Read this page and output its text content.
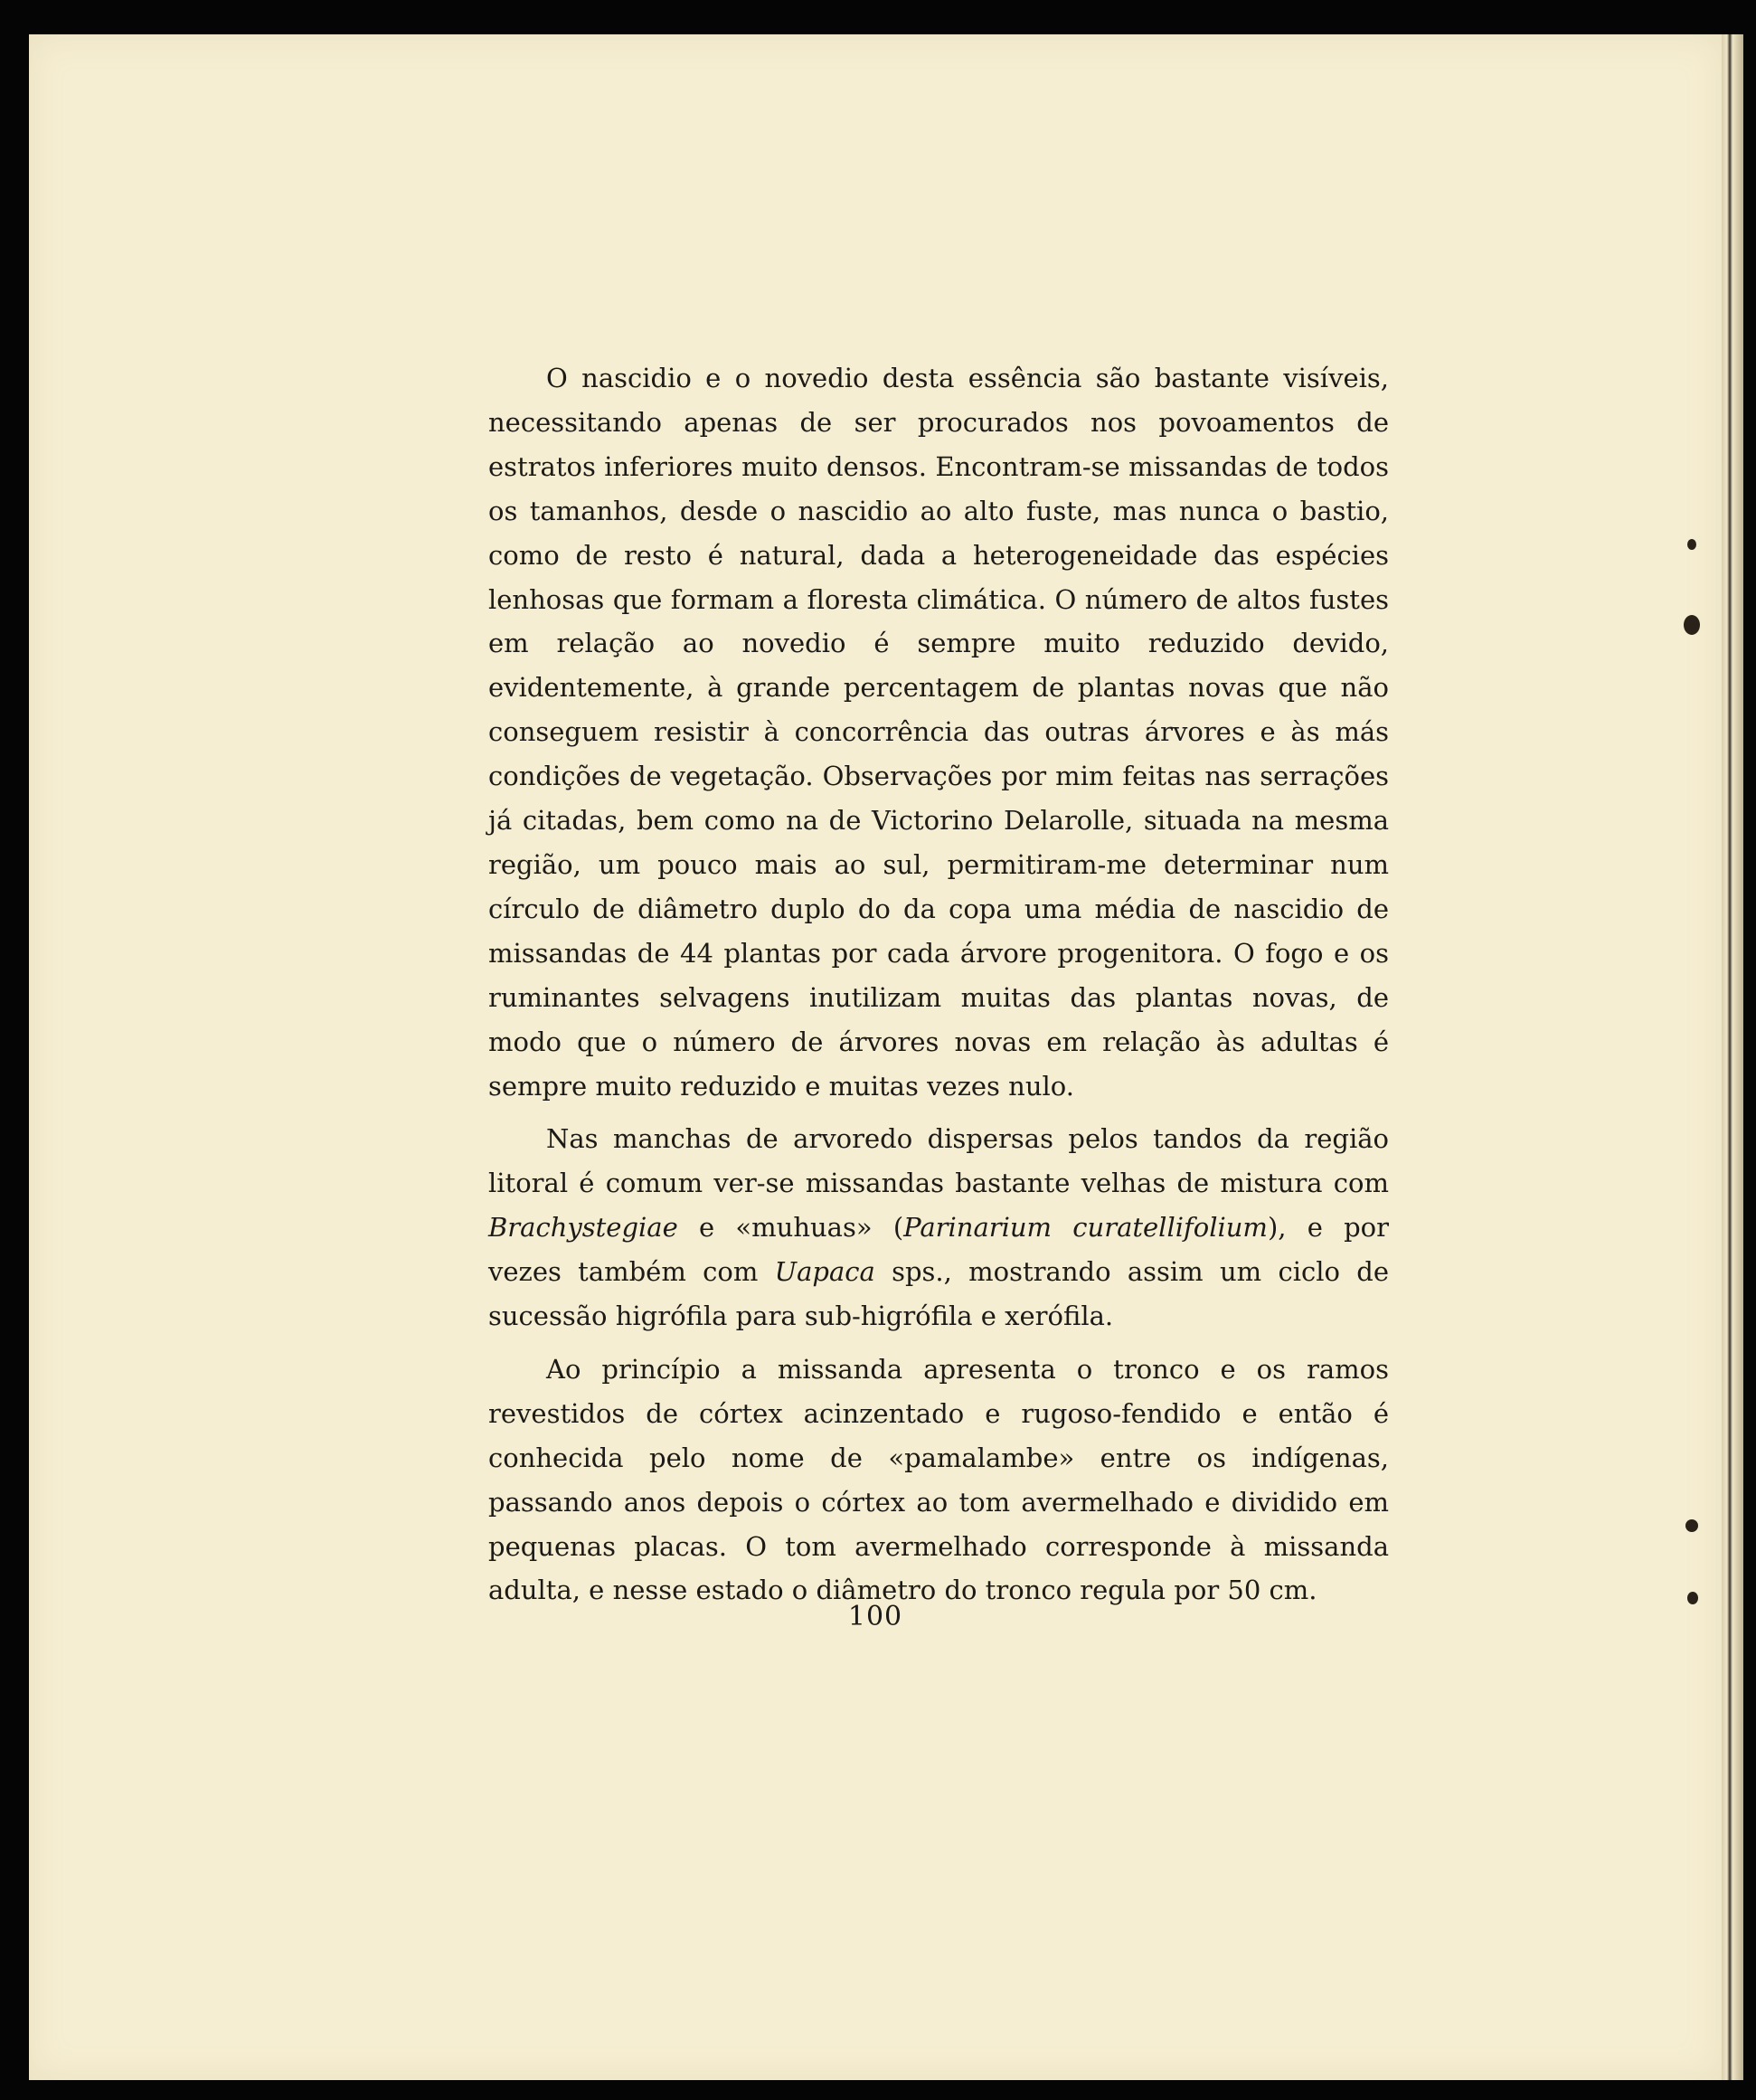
O nascidio e o novedio desta essência são bastante visíveis, necessitando apenas de ser procurados nos povoamentos de estratos inferiores muito densos. Encontram-se missandas de todos os tamanhos, desde o nascidio ao alto fuste, mas nunca o bastio, como de resto é natural, dada a heterogeneidade das espécies lenhosas que formam a floresta climática. O número de altos fustes em relação ao novedio é sempre muito reduzido devido, evidentemente, à grande percentagem de plantas novas que não conseguem resistir à concorrência das outras árvores e às más condições de vegetação. Observações por mim feitas nas serrações já citadas, bem como na de Victorino Delarolle, situada na mesma região, um pouco mais ao sul, permitiram-me determinar num círculo de diâmetro duplo do da copa uma média de nascidio de missandas de 44 plantas por cada árvore progenitora. O fogo e os ruminantes selvagens inutilizam muitas das plantas novas, de modo que o número de árvores novas em relação às adultas é sempre muito reduzido e muitas vezes nulo.

Nas manchas de arvoredo dispersas pelos tandos da região litoral é comum ver-se missandas bastante velhas de mistura com Brachystegiae e «muhuas» (Parinarium curatellifolium), e por vezes também com Uapaca sps., mostrando assim um ciclo de sucessão higrófila para sub-higrófila e xerófila.

Ao princípio a missanda apresenta o tronco e os ramos revestidos de córtex acinzentado e rugoso-fendido e então é conhecida pelo nome de «pamalambe» entre os indígenas, passando anos depois o córtex ao tom avermelhado e dividido em pequenas placas. O tom avermelhado corresponde à missanda adulta, e nesse estado o diâmetro do tronco regula por 50 cm.

100
